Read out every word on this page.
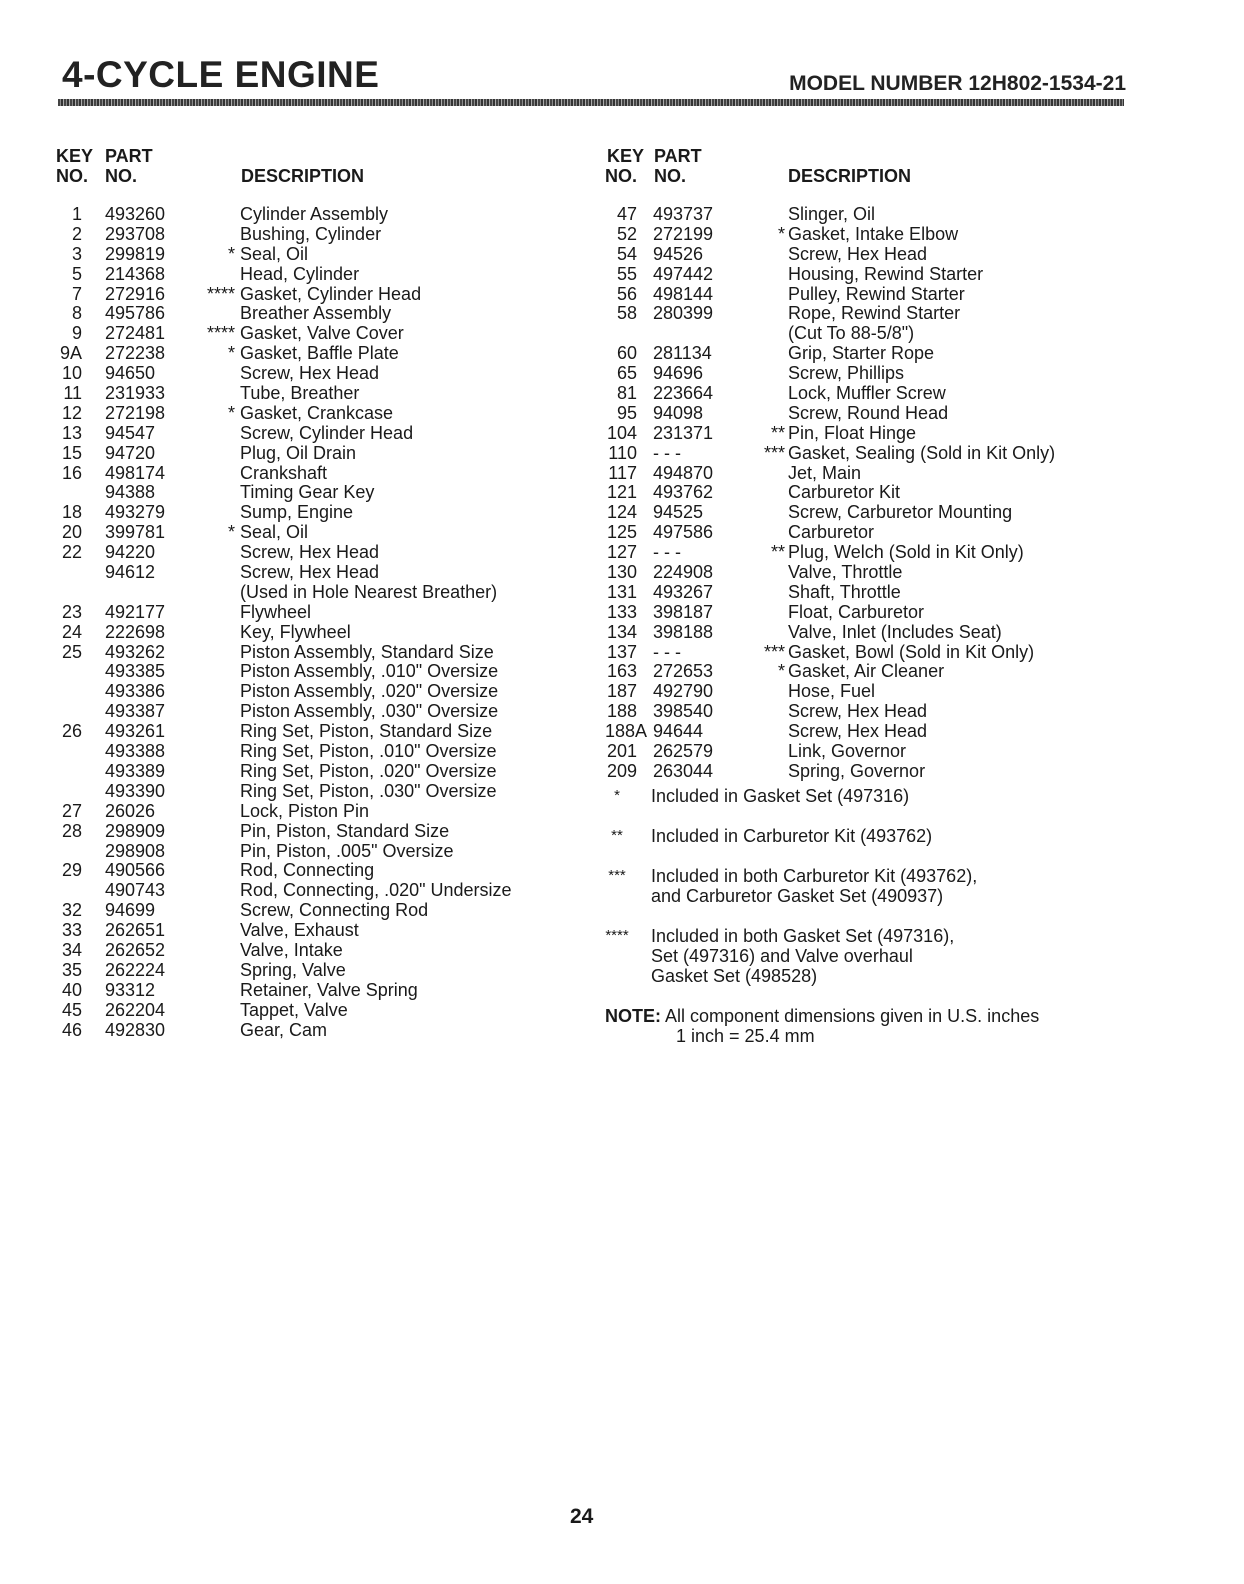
4-CYCLE ENGINE	MODEL NUMBER 12H802-1534-21
KEY
NO.
PART
NO.	DESCRIPTION
1 493260	Cylinder Assembly
2 293708	Bushing, Cylinder
3 299819	* Seal, Oil
5 214368	Head, Cylinder
7 272916	**** Gasket, Cylinder Head
8 495786	Breather Assembly
9 272481	**** Gasket, Valve Cover
9A 272238	* Gasket, Baffle Plate
10 94650	Screw, Hex Head
11 231933	Tube, Breather
12 272198	* Gasket, Crankcase
13 94547	Screw, Cylinder Head
15 94720	Plug, Oil Drain
16 498174	Crankshaft
94388	Timing Gear Key
18 493279	Sump, Engine
20 399781	* Seal, Oil
22 94220	Screw, Hex Head
94612	Screw, Hex Head
(Used in Hole Nearest Breather)
23 492177	Flywheel
24 222698	Key, Flywheel
25 493262	Piston Assembly, Standard Size
493385	Piston Assembly, .010" Oversize
493386	Piston Assembly, .020" Oversize
493387	Piston Assembly, .030" Oversize
26 493261	Ring Set, Piston, Standard Size
493388	Ring Set, Piston, .010" Oversize
493389	Ring Set, Piston, .020" Oversize
493390	Ring Set, Piston, .030" Oversize
27 26026	Lock, Piston Pin
28 298909	Pin, Piston, Standard Size
298908	Pin, Piston, .005" Oversize
29 490566	Rod, Connecting
490743	Rod, Connecting, .020" Undersize
32 94699	Screw, Connecting Rod
33 262651	Valve, Exhaust
34 262652	Valve, Intake
35 262224	Spring, Valve
40 93312	Retainer, Valve Spring
45 262204	Tappet, Valve
46 492830	Gear, Cam
KEY
NO.
PART
NO.	DESCRIPTION
47 493737	Slinger, Oil
52 272199	* Gasket, Intake Elbow
54 94526	Screw, Hex Head
55 497442	Housing, Rewind Starter
56 498144	Pulley, Rewind Starter
58 280399	Rope, Rewind Starter
(Cut To 88-5/8")
60 281134	Grip, Starter Rope
65 94696	Screw, Phillips
81 223664	Lock, Muffler Screw
95 94098	Screw, Round Head
104 231371	** Pin, Float Hinge
110 - - -	*** Gasket, Sealing (Sold in Kit Only)
117 494870	Jet, Main
121 493762	Carburetor Kit
124 94525	Screw, Carburetor Mounting
125 497586	Carburetor
127 - - -	** Plug, Welch (Sold in Kit Only)
130 224908	Valve, Throttle
131 493267	Shaft, Throttle
133 398187	Float, Carburetor
134 398188	Valve, Inlet (Includes Seat)
137 - - -	*** Gasket, Bowl (Sold in Kit Only)
163 272653	* Gasket, Air Cleaner
187 492790	Hose, Fuel
188 398540	Screw, Hex Head
188A 94644	Screw, Hex Head
201 262579	Link, Governor
209 263044	Spring, Governor
*	Included in Gasket Set (497316)
**	Included in Carburetor Kit (493762)
*** Included in both Carburetor Kit (493762),
and Carburetor Gasket Set (490937)
**** Included in both Gasket Set (497316),
Set (497316) and Valve overhaul
Gasket Set (498528)
NOTE: All component dimensions given in U.S. inches
1 inch = 25.4 mm
24
